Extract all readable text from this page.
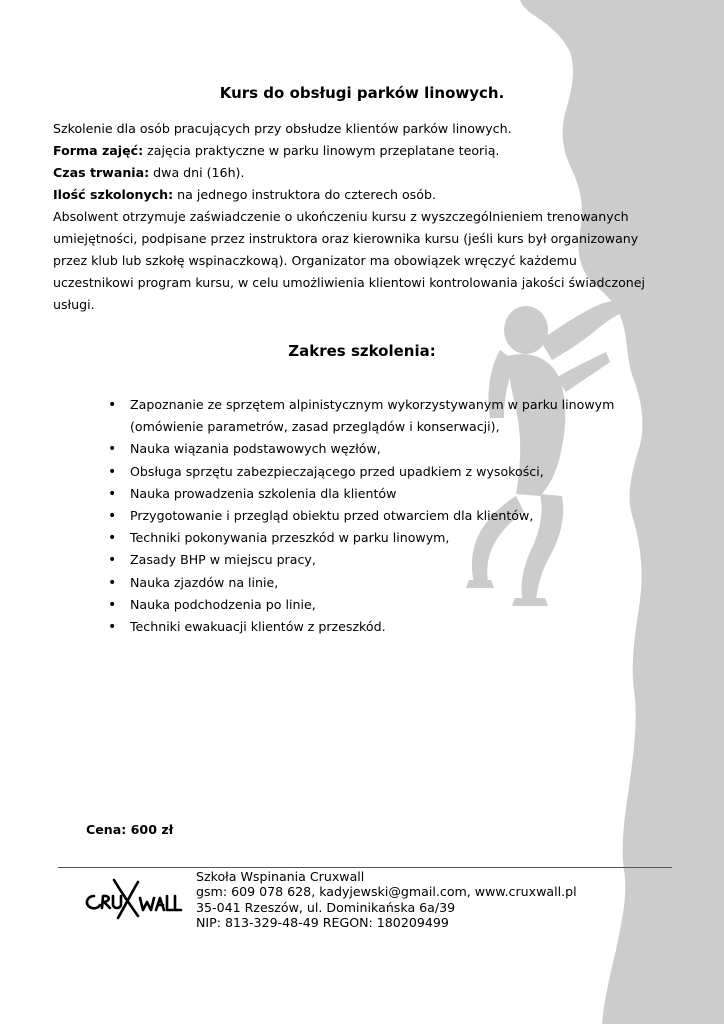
Kurs do obsługi parków linowych.

Szkolenie dla osób pracujących przy obsłudze klientów parków linowych.

Forma zajęć: zajęcia praktyczne w parku linowym przeplatane teorią.

Czas trwania: dwa dni (16h).

Ilość szkolonych: na jednego instruktora do czterech osób.

Absolwent otrzymuje zaświadczenie o ukończeniu kursu z wyszczególnieniem trenowanych umiejętności, podpisane przez instruktora oraz kierownika kursu (jeśli kurs był organizowany przez klub lub szkołę wspinaczkową). Organizator ma obowiązek wręczyć każdemu uczestnikowi program kursu, w celu umożliwienia klientowi kontrolowania jakości świadczonej usługi.

Zakres szkolenia:
• Zapoznanie ze sprzętem alpinistycznym wykorzystywanym w parku linowym (omówienie parametrów, zasad przeglądów i konserwacji),
• Nauka wiązania podstawowych węzłów,
• Obsługa sprzętu zabezpieczającego przed upadkiem z wysokości,
• Nauka prowadzenia szkolenia dla klientów
• Przygotowanie i przegląd obiektu przed otwarciem dla klientów,
• Techniki pokonywania przeszkód w parku linowym,
• Zasady BHP w miejscu pracy,
• Nauka zjazdów na linie,
• Nauka podchodzenia po linie,
• Techniki ewakuacji klientów z przeszkód.
Cena: 600 zł
Szkoła Wspinania Cruxwall
gsm: 609 078 628, kadyjewski@gmail.com, www.cruxwall.pl
35-041 Rzeszów, ul. Dominikańska 6a/39
NIP: 813-329-48-49 REGON: 180209499
